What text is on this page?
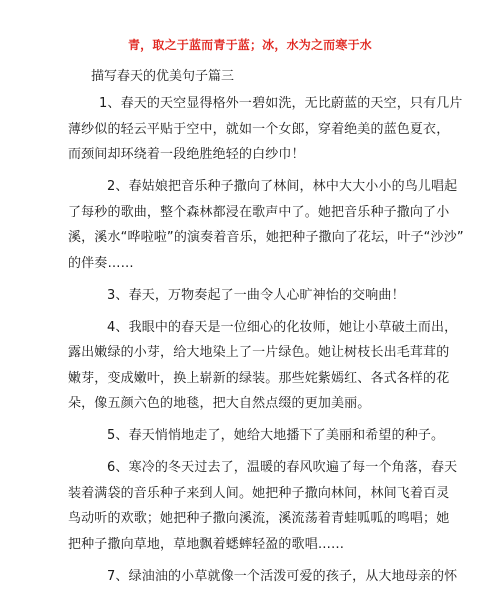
青，取之于蓝而青于蓝；冰，水为之而寒于水
描写春天的优美句子篇三
1、春天的天空显得格外一碧如洗，无比蔚蓝的天空，只有几片
薄纱似的轻云平贴于空中，就如一个女郎，穿着绝美的蓝色夏衣，
而颈间却环绕着一段绝胜绝轻的白纱巾！
2、春姑娘把音乐种子撒向了林间，林中大大小小的鸟儿唱起
了每秒的歌曲，整个森林都浸在歌声中了。她把音乐种子撒向了小
溪，溪水“哗啦啦”的演奏着音乐，她把种子撒向了花坛，叶子“沙沙”
的伴奏……
3、春天，万物奏起了一曲令人心旷神怡的交响曲！
4、我眼中的春天是一位细心的化妆师，她让小草破土而出，
露出嫩绿的小芽，给大地染上了一片绿色。她让树枝长出毛茸茸的
嫩芽，变成嫩叶，换上崭新的绿装。那些姹紫嫣红、各式各样的花
朵，像五颜六色的地毯，把大自然点缀的更加美丽。
5、春天悄悄地走了，她给大地播下了美丽和希望的种子。
6、寒冷的冬天过去了，温暖的春风吹遍了每一个角落，春天
装着满袋的音乐种子来到人间。她把种子撒向林间，林间飞着百灵
鸟动听的欢歌；她把种子撒向溪流，溪流荡着青蛙呱呱的鸣唱；她
把种子撒向草地，草地飘着蟋蟀轻盈的歌唱……
7、绿油油的小草就像一个活泼可爱的孩子，从大地母亲的怀
